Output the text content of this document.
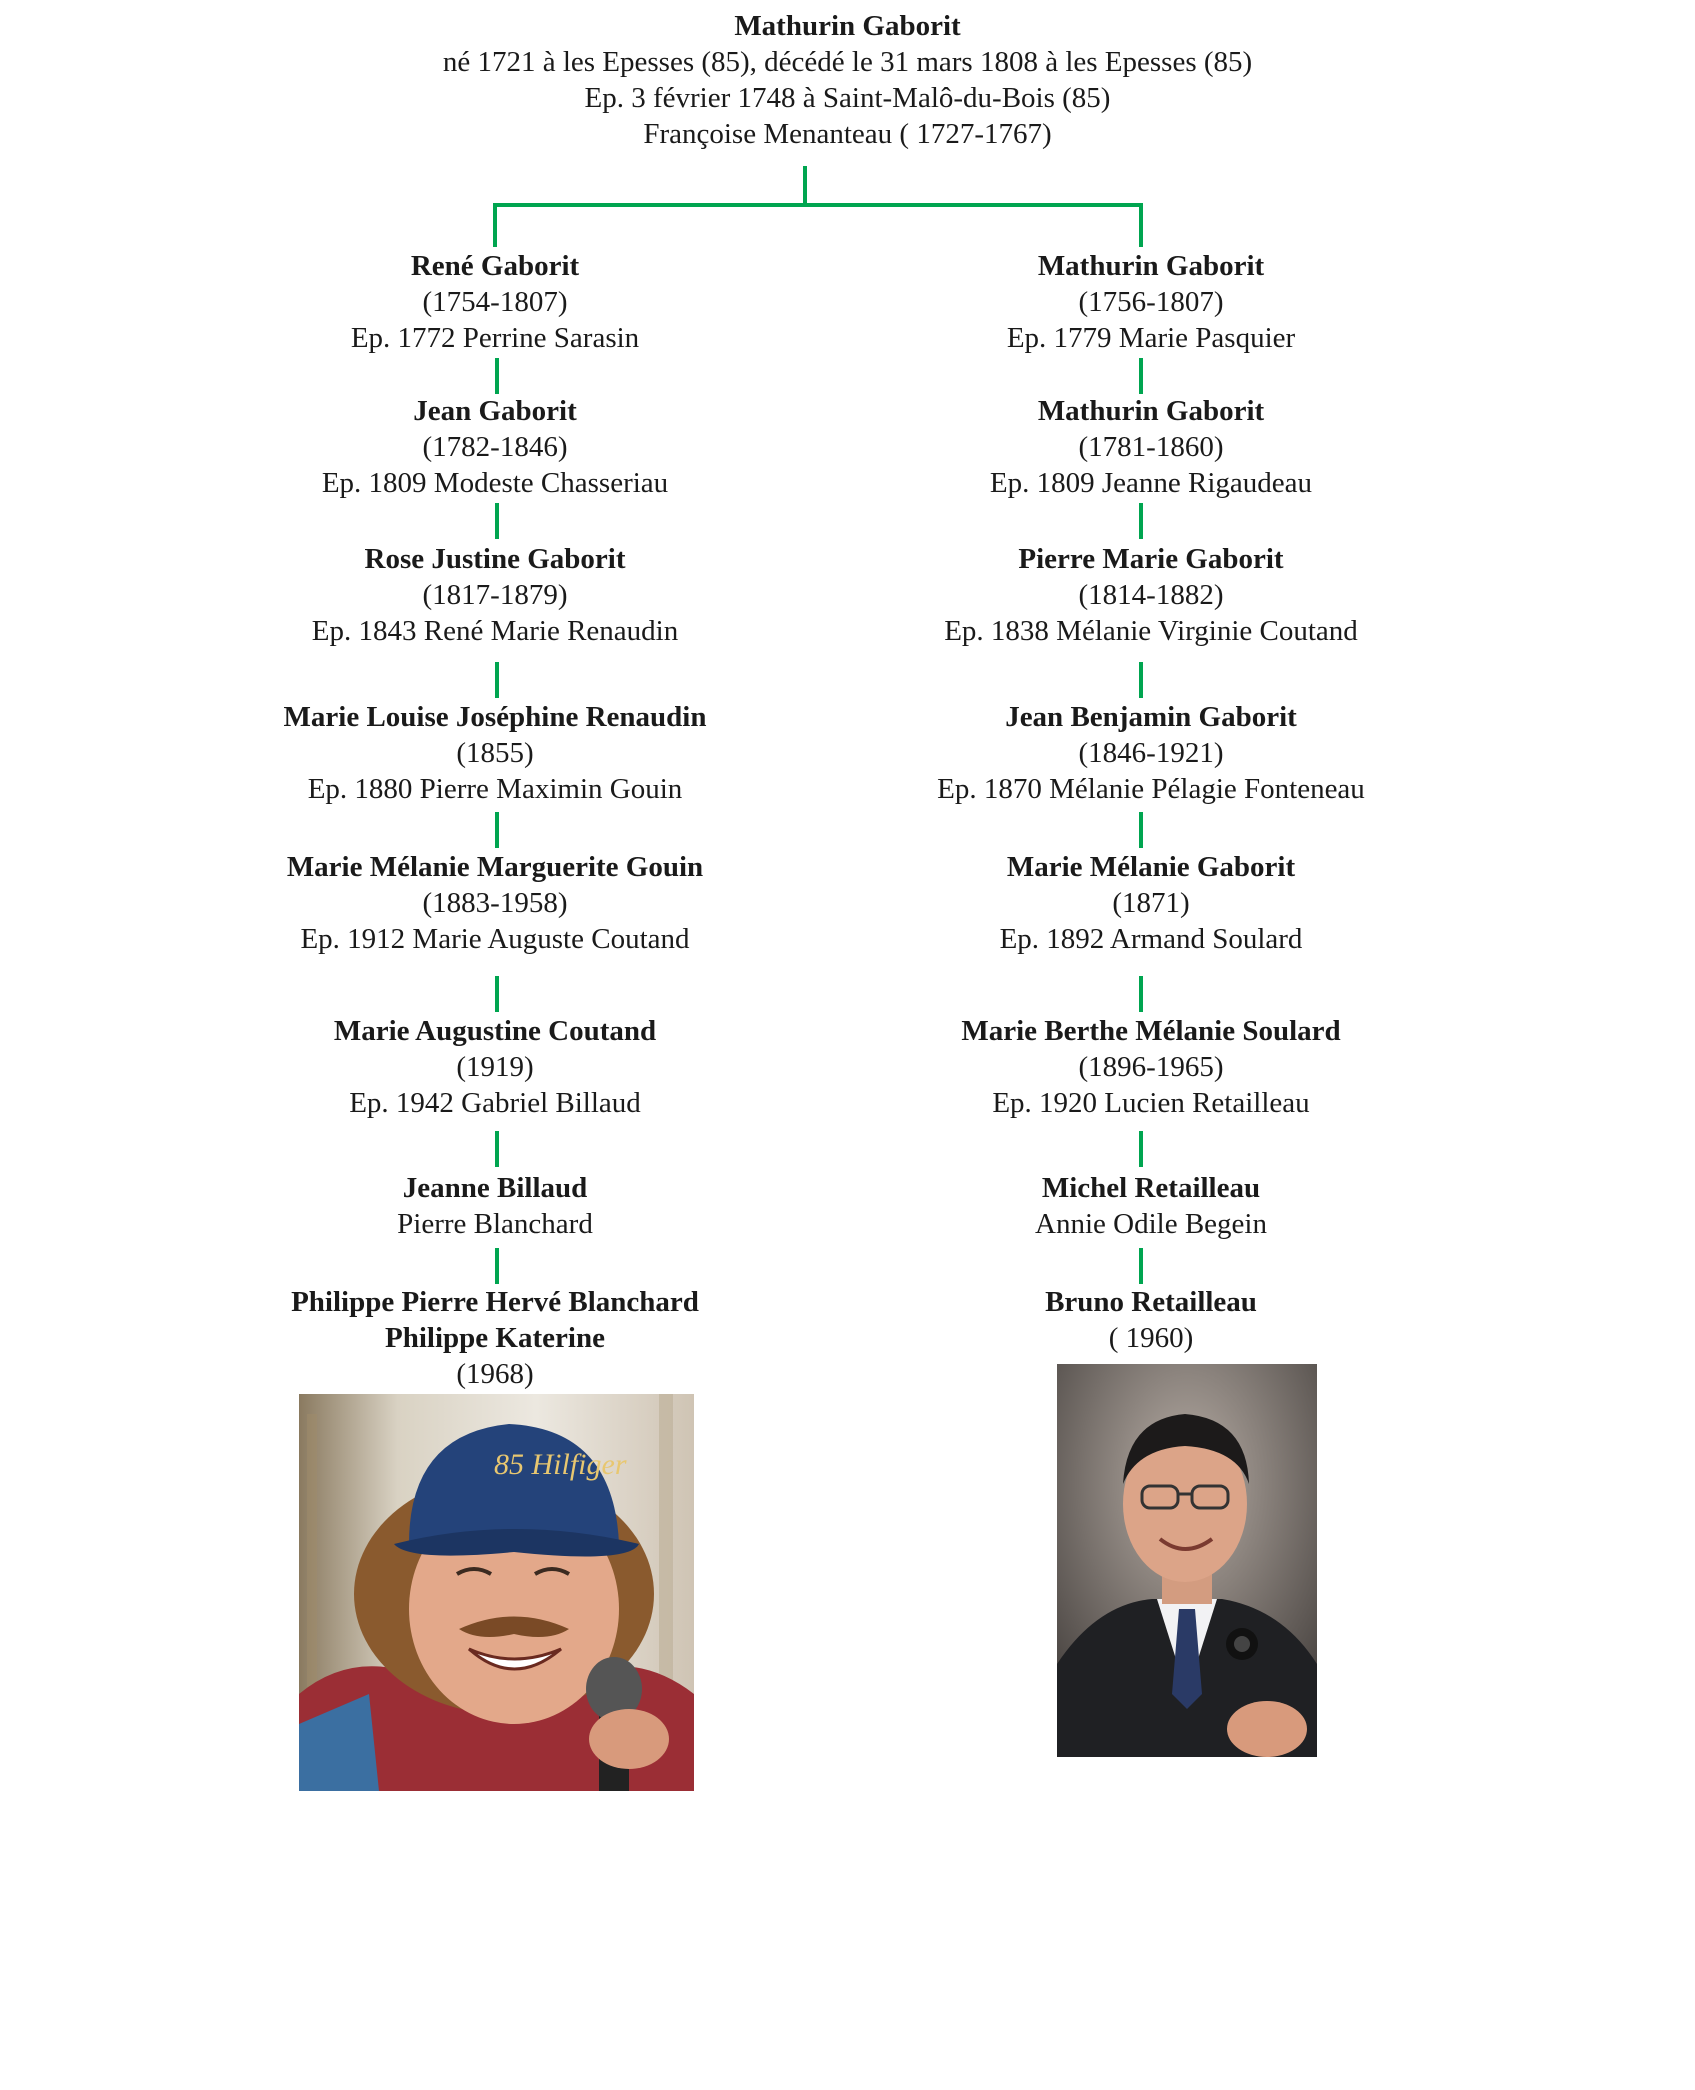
Mathurin Gaborit
né 1721 à les Epesses (85), décédé le 31 mars 1808 à les Epesses (85)
Ep. 3 février 1748 à Saint-Malô-du-Bois (85)
Françoise Menanteau ( 1727-1767)
René Gaborit
(1754-1807)
Ep. 1772 Perrine Sarasin
Jean Gaborit
(1782-1846)
Ep. 1809 Modeste Chasseriau
Rose Justine Gaborit
(1817-1879)
Ep. 1843 René Marie Renaudin
Marie Louise Joséphine Renaudin
(1855)
Ep. 1880 Pierre Maximin Gouin
Marie Mélanie Marguerite Gouin
(1883-1958)
Ep. 1912 Marie Auguste Coutand
Marie Augustine Coutand
(1919)
Ep. 1942 Gabriel Billaud
Jeanne Billaud
Pierre Blanchard
Philippe Pierre Hervé Blanchard
Philippe Katerine
(1968)
Mathurin Gaborit
(1756-1807)
Ep. 1779 Marie Pasquier
Mathurin Gaborit
(1781-1860)
Ep. 1809 Jeanne Rigaudeau
Pierre Marie Gaborit
(1814-1882)
Ep. 1838 Mélanie Virginie Coutand
Jean Benjamin Gaborit
(1846-1921)
Ep. 1870 Mélanie Pélagie Fonteneau
Marie Mélanie Gaborit
(1871)
Ep. 1892 Armand Soulard
Marie Berthe Mélanie Soulard
(1896-1965)
Ep. 1920 Lucien Retailleau
Michel Retailleau
Annie Odile Begein
Bruno Retailleau
( 1960)
85 Hilfiger
